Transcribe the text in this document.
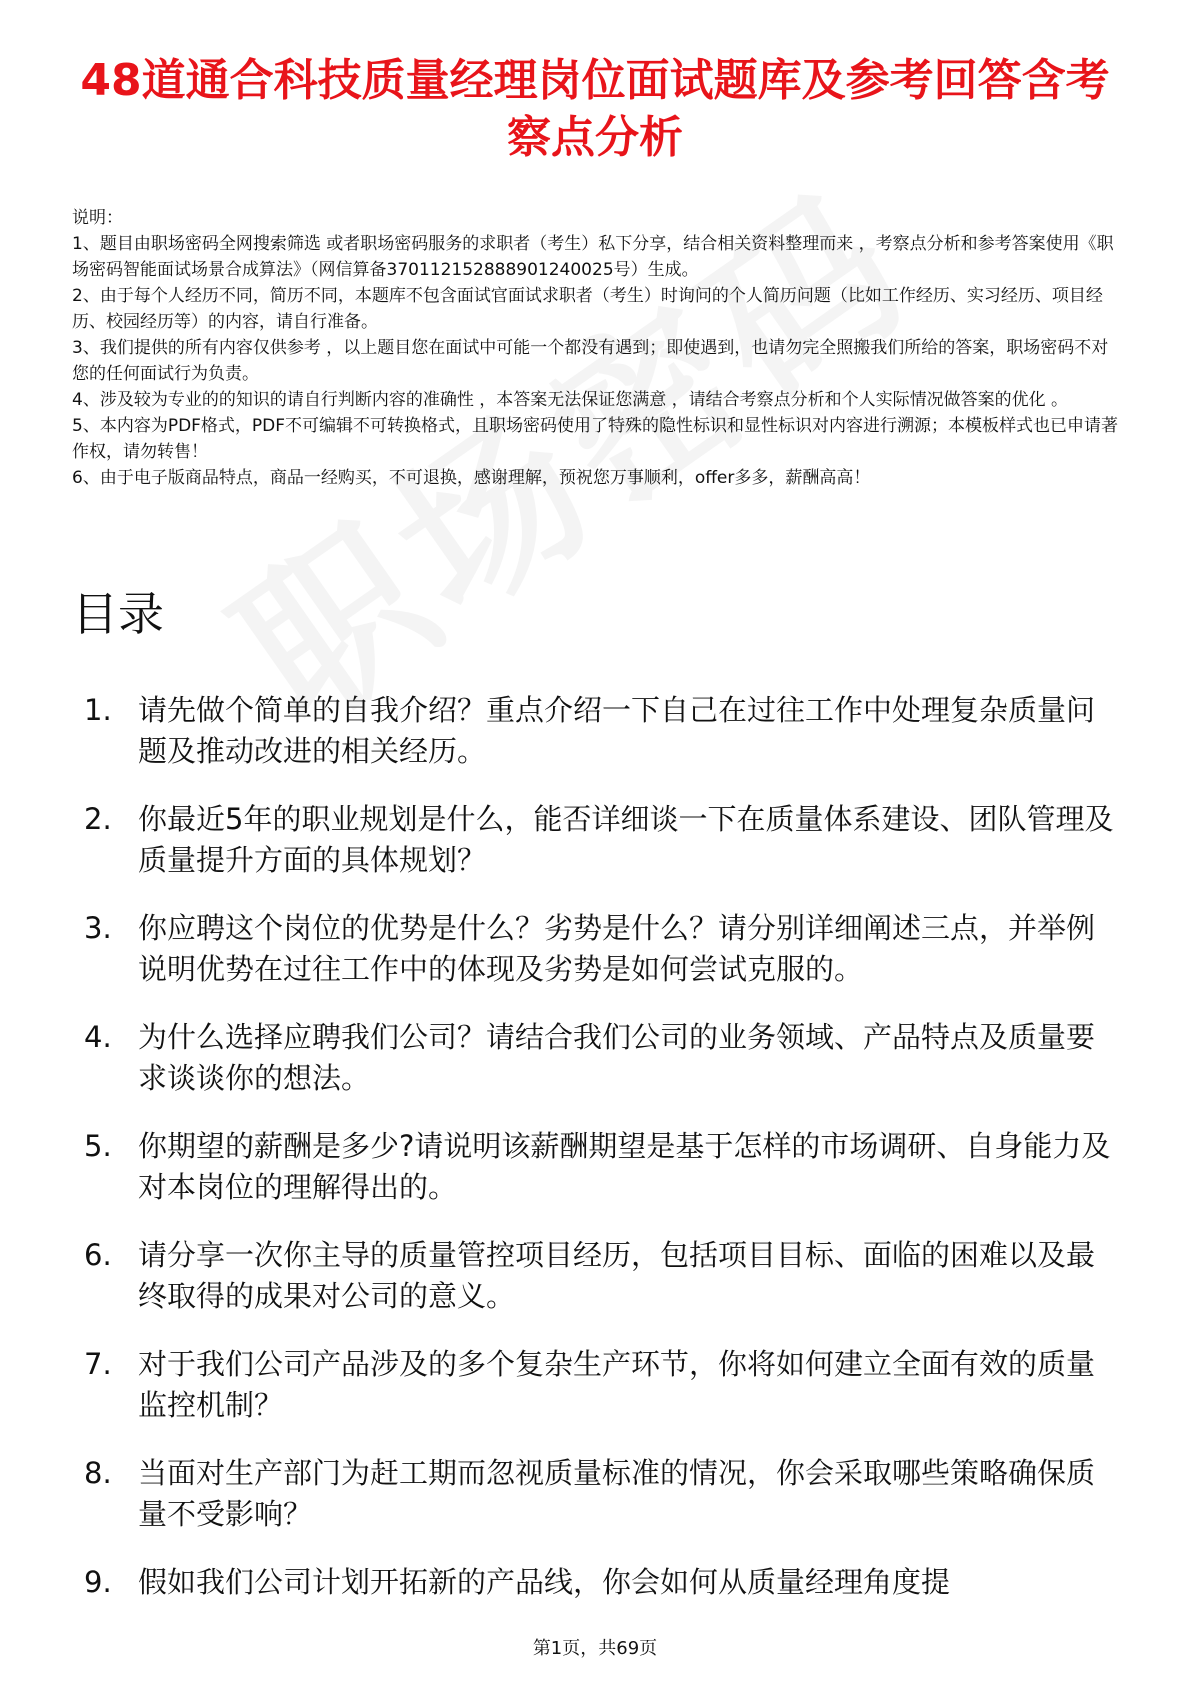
48道通合科技质量经理岗位面试题库及参考回答含考察点分析

说明：

1、题目由职场密码全网搜索筛选 或者职场密码服务的求职者（考生）私下分享，结合相关资料整理而来 ，考察点分析和参考答案使用《职场密码智能面试场景合成算法》（网信算备370112152888901240025号）生成。

2、由于每个人经历不同，简历不同，本题库不包含面试官面试求职者（考生）时询问的个人简历问题（比如工作经历、实习经历、项目经历、校园经历等）的内容，请自行准备。

3、我们提供的所有内容仅供参考 ，以上题目您在面试中可能一个都没有遇到；即使遇到，也请勿完全照搬我们所给的答案，职场密码不对您的任何面试行为负责。

4、涉及较为专业的的知识的请自行判断内容的准确性 ，本答案无法保证您满意 ，请结合考察点分析和个人实际情况做答案的优化 。

5、本内容为PDF格式，PDF不可编辑不可转换格式，且职场密码使用了特殊的隐性标识和显性标识对内容进行溯源；本模板样式也已申请著作权，请勿转售！

6、由于电子版商品特点，商品一经购买，不可退换，感谢理解，预祝您万事顺利，offer多多，薪酬高高！

目录
1. 请先做个简单的自我介绍？重点介绍一下自己在过往工作中处理复杂质量问题及推动改进的相关经历。
2. 你最近5年的职业规划是什么，能否详细谈一下在质量体系建设、团队管理及质量提升方面的具体规划？
3. 你应聘这个岗位的优势是什么？劣势是什么？请分别详细阐述三点，并举例说明优势在过往工作中的体现及劣势是如何尝试克服的。
4. 为什么选择应聘我们公司？请结合我们公司的业务领域、产品特点及质量要求谈谈你的想法。
5. 你期望的薪酬是多少?请说明该薪酬期望是基于怎样的市场调研、自身能力及对本岗位的理解得出的。
6. 请分享一次你主导的质量管控项目经历，包括项目目标、面临的困难以及最终取得的成果对公司的意义。
7. 对于我们公司产品涉及的多个复杂生产环节，你将如何建立全面有效的质量监控机制？
8. 当面对生产部门为赶工期而忽视质量标准的情况，你会采取哪些策略确保质量不受影响？
9. 假如我们公司计划开拓新的产品线，你会如何从质量经理角度提
第1页，共69页
